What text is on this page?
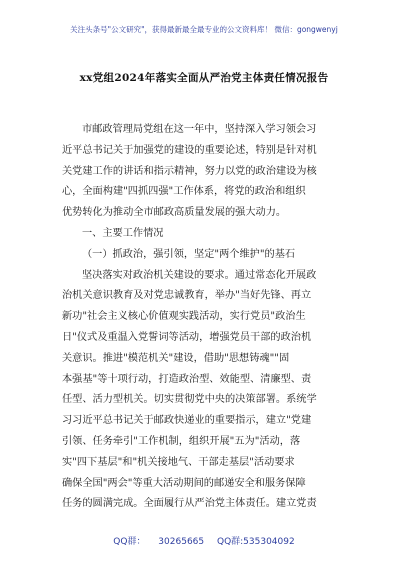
关注头条号"公文研究"，获得最新最全最专业的公文资料库！ 微信：gongwenyj
xx党组2024年落实全面从严治党主体责任情况报告
市邮政管理局党组在这一年中，坚持深入学习领会习
近平总书记关于加强党的建设的重要论述，特别是针对机
关党建工作的讲话和指示精神，努力以党的政治建设为核
心，全面构建"四抓四强"工作体系，将党的政治和组织
优势转化为推动全市邮政高质量发展的强大动力。
一、主要工作情况
（一）抓政治，强引领，坚定"两个维护"的基石
坚决落实对政治机关建设的要求。通过常态化开展政
治机关意识教育及对党忠诚教育，举办"当好先锋、再立
新功"社会主义核心价值观实践活动，实行党员"政治生
日"仪式及重温入党誓词等活动，增强党员干部的政治机
关意识。推进"模范机关"建设，借助"思想铸魂""固
本强基"等十项行动，打造政治型、效能型、清廉型、责
任型、活力型机关。切实贯彻党中央的决策部署。系统学
习习近平总书记关于邮政快递业的重要指示，建立"党建
引领、任务牵引"工作机制，组织开展"五为"活动，落
实"四下基层"和"机关接地气、干部走基层"活动要求
确保全国"两会"等重大活动期间的邮递安全和服务保障
任务的圆满完成。全面履行从严治党主体责任。建立党责
QQ群： 30265665 QQ群:535304092
